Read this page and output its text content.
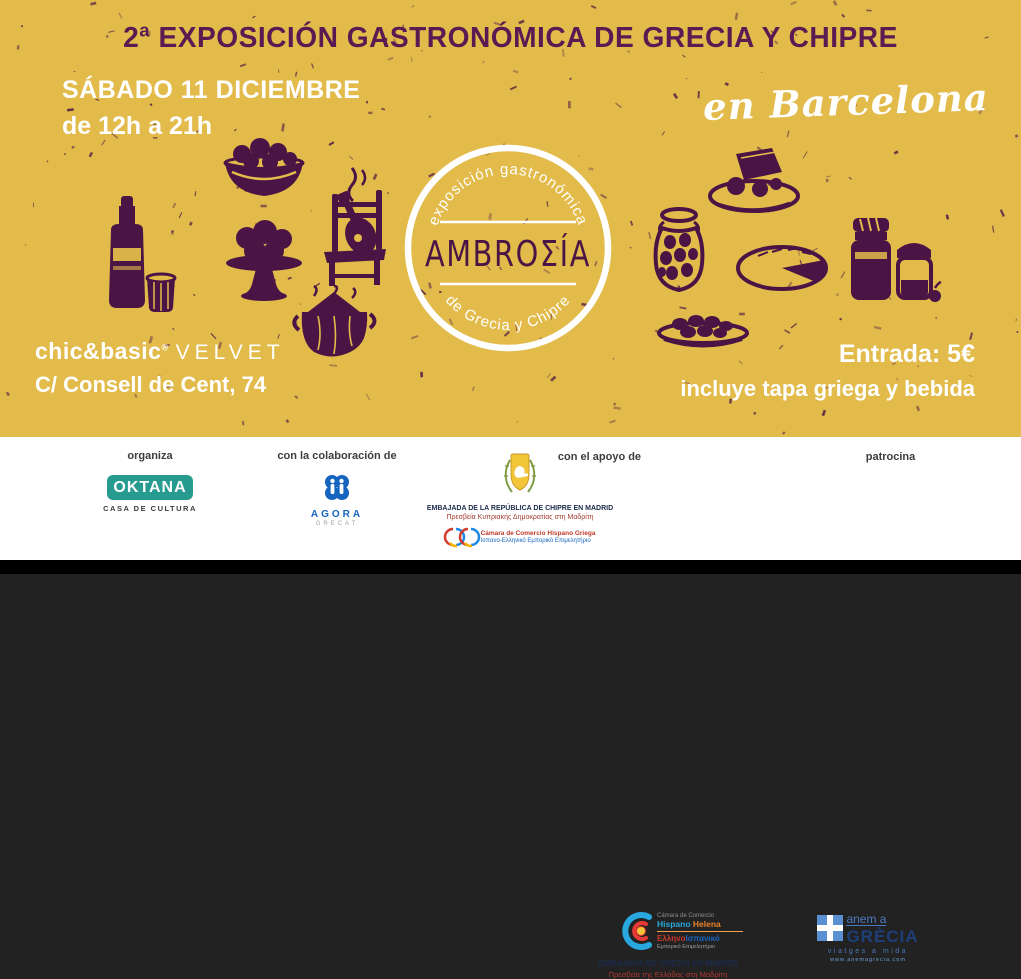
exposición gastronómica
AMBROΣÍA
de Grecia y Chipre
2ª EXPOSICIÓN GASTRONÓMICA DE GRECIA Y CHIPRE
SÁBADO 11 DICIEMBRE
de 12h a 21h	en Barcelona
chic&basic® VELVET
C/ Consell de Cent, 74
Entrada: 5€
incluye tapa griega y bebida
organiza
OKTANA
CASA DE CULTURA
con la colaboración de
AGORA
GRECAT
EMBAJADA DE LA REPÚBLICA DE CHIPRE EN MADRID
Πρεσβεία Κυπριακής Δημοκρατίας στη Μαδρίτη
Cámara de Comercio Hispano Griega
Ισπανο-Ελληνικό Εμπορικό Επιμελητήριο
con el apoyo de
Cámara de Comercio
Hispano Helena
ΕλληνοΙσπανικό
Εμπορικό Επιμελητήριο
EMBAJADA DE GRECIA EN MADRID
Πρεσβεία της Ελλάδας στη Μαδρίτη
patrocina
anem a
GRÈCIA
viatges a mida
www.anemagrecia.com
